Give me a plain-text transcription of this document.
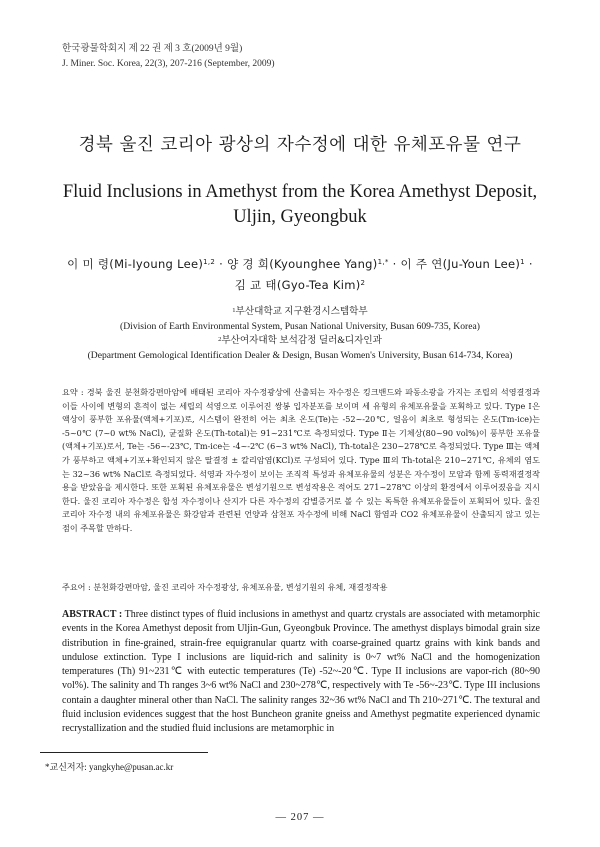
한국광물학회지 제 22 권 제 3 호(2009년 9월)
J. Miner. Soc. Korea, 22(3), 207-216 (September, 2009)
경북 울진 코리아 광상의 자수정에 대한 유체포유물 연구
Fluid Inclusions in Amethyst from the Korea Amethyst Deposit, Uljin, Gyeongbuk
이 미 령(Mi-Iyoung Lee)$^{1,2}$ · 양 경 희(Kyounghee Yang)$^{1,*}$ · 이 주 연(Ju-Youn Lee)$^1$ ·
김 교 태(Gyo-Tea Kim)$^2$
$^1$부산대학교 지구환경시스템학부
(Division of Earth Environmental System, Pusan National University, Busan 609-735, Korea)
$^2$부산여자대학 보석감정 딜러&디자인과
(Department Gemological Identification Dealer & Design, Busan Women's University, Busan 614-734, Korea)
요약 : 경북 울진 분천화강편마암에 배태된 코리아 자수정광상에 산출되는 자수정은 킹크밴드와 파동소광을 가지는 조립의 석영결정과 이들 사이에 변형의 흔적이 없는 세립의 석영으로 이루어진 쌍봉 입자분포를 보이며 세 유형의 유체포유물을 포획하고 있다. Type Ⅰ은 액상이 풍부한 포유물(액체+기포)로, 시스템이 완전히 어는 최초 온도(Te)는 -52~-20℃, 얼음이 최초로 형성되는 온도(Tm-ice)는 -5~0℃ (7~0 wt% NaCl), 균질화 온도(Th-total)는 91~231℃로 측정되었다. Type Ⅱ는 기체상(80~90 vol%)이 풍부한 포유물(액체+기포)로서, Te는 -56~-23℃, Tm-ice는 -4~-2℃ (6~3 wt% NaCl), Th-total은 230~278℃로 측정되었다. Type Ⅲ는 액체가 풍부하고 액체+기포+확인되지 않은 딸결정 ± 칼리암염(KCl)로 구성되어 있다. Type Ⅲ의 Th-total은 210~271℃, 유체의 염도는 32~36 wt% NaCl로 측정되었다. 석영과 자수정이 보이는 조직적 특성과 유체포유물의 성분은 자수정이 모암과 함께 동력재결정작용을 받았음을 제시한다. 또한 포획된 유체포유물은 변성기원으로 변성작용은 적어도 271~278℃ 이상의 환경에서 이루어졌음을 지시한다. 울진 코리아 자수정은 합성 자수정이나 산지가 다른 자수정의 감별증거로 볼 수 있는 독특한 유체포유물들이 포획되어 있다. 울진 코리아 자수정 내의 유체포유물은 화강암과 관련된 언양과 삼천포 자수정에 비해 NaCl 함염과 CO2 유체포유물이 산출되지 않고 있는 점이 주목할 만하다.
주요어 : 분천화강편마암, 울진 코리아 자수정광상, 유체포유물, 변성기원의 유체, 재결정작용
ABSTRACT : Three distinct types of fluid inclusions in amethyst and quartz crystals are associated with metamorphic events in the Korea Amethyst deposit from Uljin-Gun, Gyeongbuk Province. The amethyst displays bimodal grain size distribution in fine-grained, strain-free equigranular quartz with coarse-grained quartz grains with kink bands and undulose extinction. Type I inclusions are liquid-rich and salinity is 0~7 wt% NaCl and the homogenization temperatures (Th) 91~231℃ with eutectic temperatures (Te) -52~-20℃. Type II inclusions are vapor-rich (80~90 vol%). The salinity and Th ranges 3~6 wt% NaCl and 230~278℃, respectively with Te -56~-23℃. Type III inclusions contain a daughter mineral other than NaCl. The salinity ranges 32~36 wt% NaCl and Th 210~271℃. The textural and fluid inclusion evidences suggest that the host Buncheon granite gneiss and Amethyst pegmatite experienced dynamic recrystallization and the studied fluid inclusions are metamorphic in
*교신저자: yangkyhe@pusan.ac.kr
— 207 —
